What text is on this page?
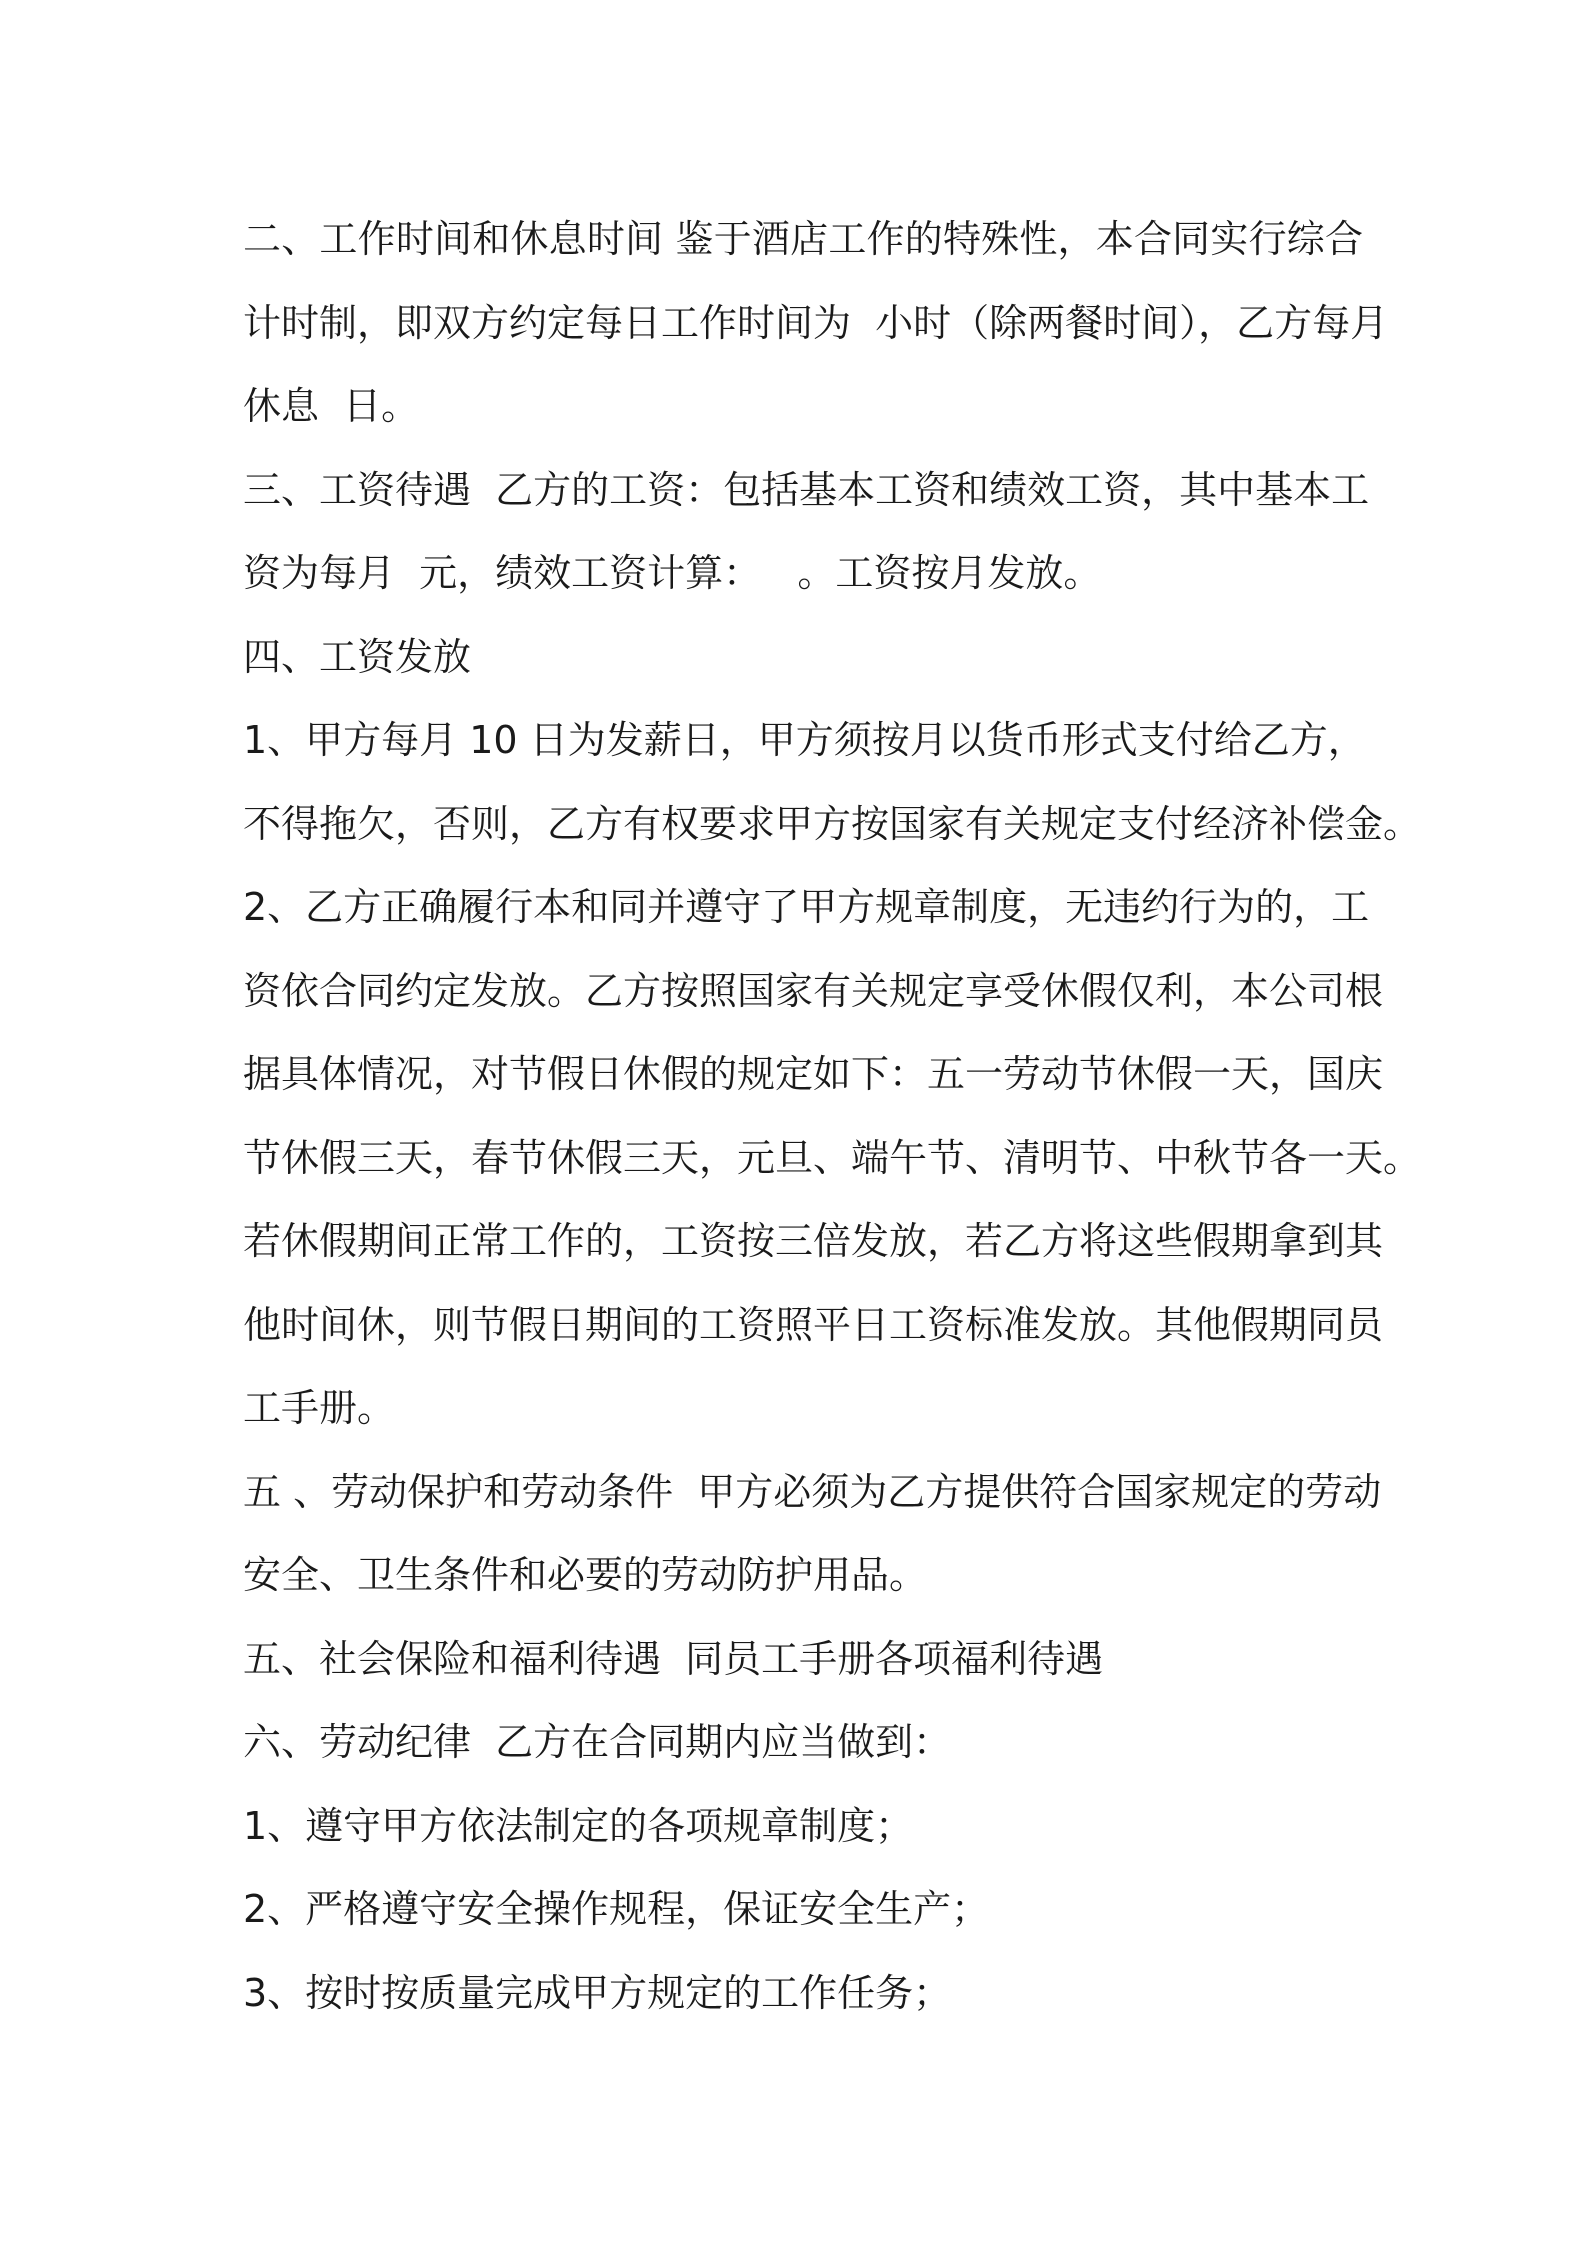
二、工作时间和休息时间 鉴于酒店工作的特殊性，本合同实行综合
计时制，即双方约定每日工作时间为  小时（除两餐时间），乙方每月
休息  日。
三、工资待遇  乙方的工资：包括基本工资和绩效工资，其中基本工
资为每月  元，绩效工资计算：   。工资按月发放。
四、工资发放
1、甲方每月 10 日为发薪日，甲方须按月以货币形式支付给乙方，
不得拖欠，否则，乙方有权要求甲方按国家有关规定支付经济补偿金。
2、乙方正确履行本和同并遵守了甲方规章制度，无违约行为的，工
资依合同约定发放。乙方按照国家有关规定享受休假仅利，本公司根
据具体情况，对节假日休假的规定如下：五一劳动节休假一天，国庆
节休假三天，春节休假三天，元旦、端午节、清明节、中秋节各一天。
若休假期间正常工作的，工资按三倍发放，若乙方将这些假期拿到其
他时间休，则节假日期间的工资照平日工资标准发放。其他假期同员
工手册。
五 、劳动保护和劳动条件  甲方必须为乙方提供符合国家规定的劳动
安全、卫生条件和必要的劳动防护用品。
五、社会保险和福利待遇  同员工手册各项福利待遇
六、劳动纪律  乙方在合同期内应当做到：
1、遵守甲方依法制定的各项规章制度；
2、严格遵守安全操作规程，保证安全生产；
3、按时按质量完成甲方规定的工作任务；
